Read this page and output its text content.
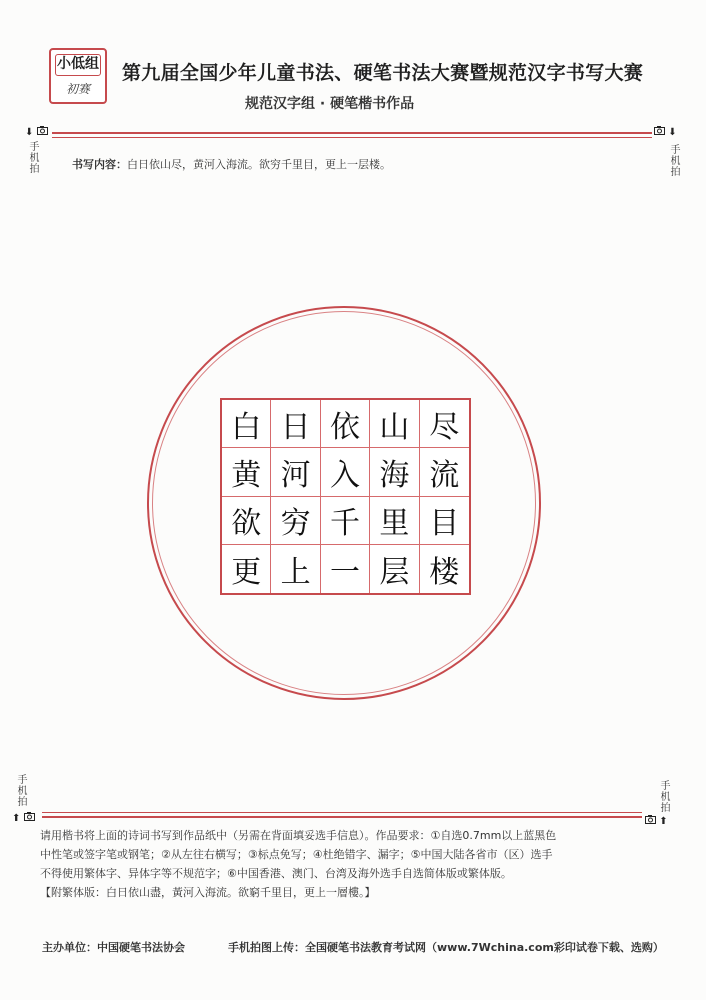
小低组
初赛
第九届全国少年儿童书法、硬笔书法大赛暨规范汉字书写大赛
规范汉字组 · 硬笔楷书作品
⬇
手机拍
⬇
手机拍
书写内容：白日依山尽，黄河入海流。欲穷千里目，更上一层楼。
白 日 依 山 尽
黄 河 入 海 流
欲 穷 千 里 目
更 上 一 层 楼
手机拍
⬆
手机拍
⬆
请用楷书将上面的诗词书写到作品纸中（另需在背面填妥选手信息）。作品要求：①自选0.7mm以上蓝黑色
中性笔或签字笔或钢笔；②从左往右横写；③标点免写；④杜绝错字、漏字；⑤中国大陆各省市（区）选手
不得使用繁体字、异体字等不规范字；⑥中国香港、澳门、台湾及海外选手自选简体版或繁体版。
【附繁体版：白日依山盡，黃河入海流。欲窮千里目，更上一層樓。】
主办单位：中国硬笔书法协会	手机拍图上传：全国硬笔书法教育考试网（www.7Wchina.com彩印试卷下载、选购）
